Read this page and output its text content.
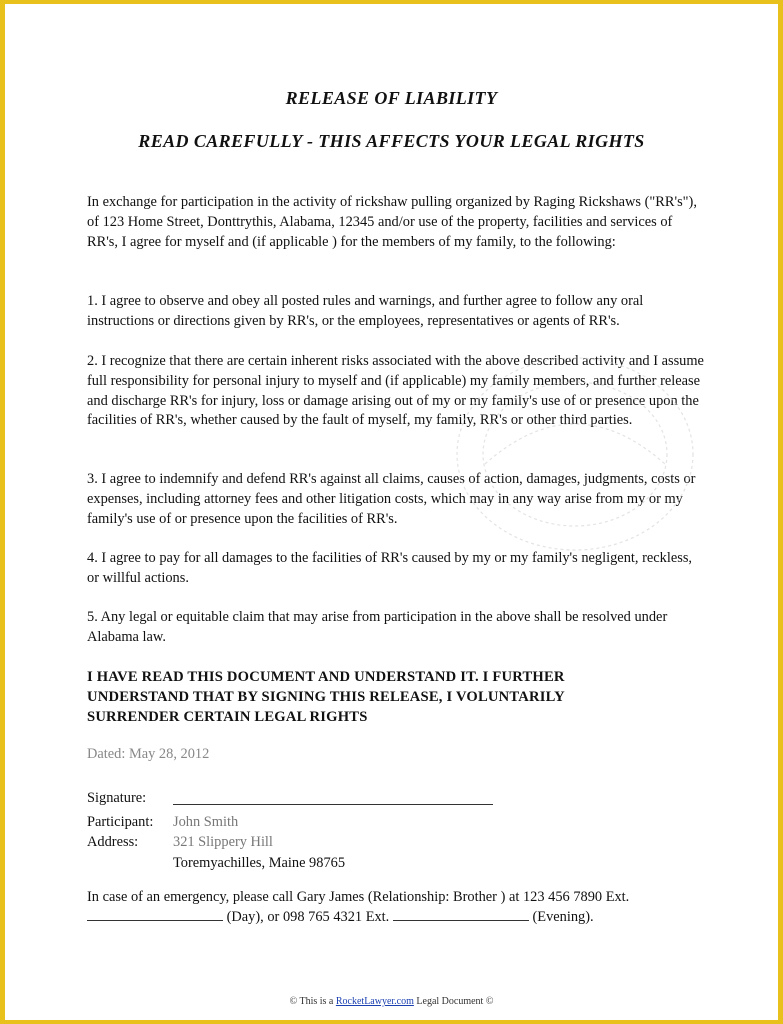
RELEASE OF LIABILITY

READ CAREFULLY - THIS AFFECTS YOUR LEGAL RIGHTS

In exchange for participation in the activity of rickshaw pulling organized by Raging Rickshaws ("RR's"), of 123 Home Street, Donttrythis, Alabama, 12345 and/or use of the property, facilities and services of RR's, I agree for myself and (if applicable ) for the members of my family, to the following:

1. I agree to observe and obey all posted rules and warnings, and further agree to follow any oral instructions or directions given by RR's, or the employees, representatives or agents of RR's.

2. I recognize that there are certain inherent risks associated with the above described activity and I assume full responsibility for personal injury to myself and (if applicable) my family members, and further release and discharge RR's for injury, loss or damage arising out of my or my family's use of or presence upon the facilities of RR's, whether caused by the fault of myself, my family, RR's or other third parties.

3. I agree to indemnify and defend RR's against all claims, causes of action, damages, judgments, costs or expenses, including attorney fees and other litigation costs, which may in any way arise from my or my family's use of or presence upon the facilities of RR's.

4. I agree to pay for all damages to the facilities of RR's caused by my or my family's negligent, reckless, or willful actions.

5. Any legal or equitable claim that may arise from participation in the above shall be resolved under Alabama law.

I HAVE READ THIS DOCUMENT AND UNDERSTAND IT. I FURTHER UNDERSTAND THAT BY SIGNING THIS RELEASE, I VOLUNTARILY SURRENDER CERTAIN LEGAL RIGHTS

Dated: May 28, 2012

Signature:
Participant:	John Smith
Address:	321 Slippery Hill
Toremyachilles, Maine 98765

In case of an emergency, please call Gary James (Relationship: Brother ) at 123 456 7890 Ext.
(Day), or 098 765 4321 Ext.	(Evening).

© This is a RocketLawyer.com Legal Document ©
